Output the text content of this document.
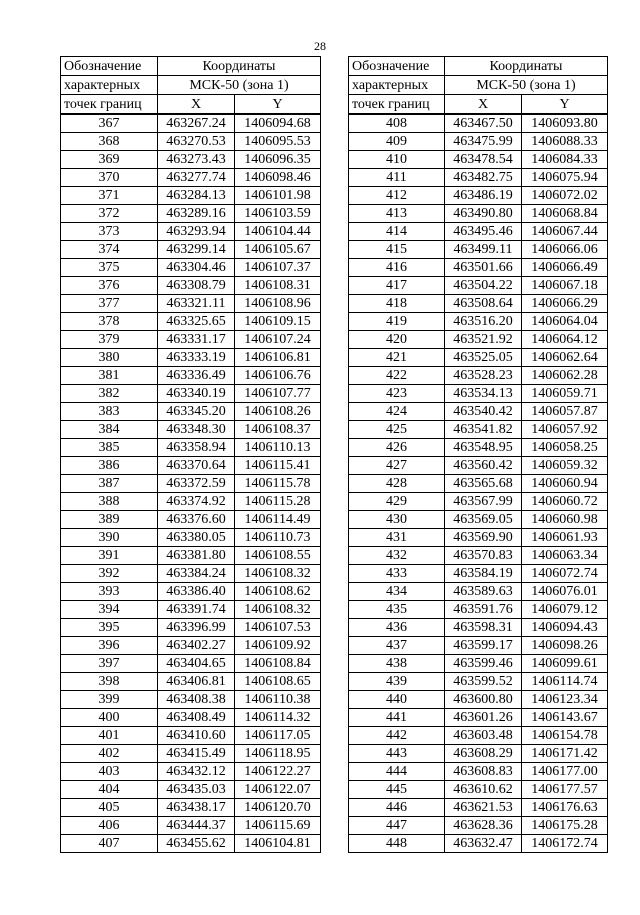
28
Обозначение	Координаты	
характерных	МСК-50 (зона 1)	
точек границ	X	Y
367	463267.24	1406094.68
368	463270.53	1406095.53
369	463273.43	1406096.35
370	463277.74	1406098.46
371	463284.13	1406101.98
372	463289.16	1406103.59
373	463293.94	1406104.44
374	463299.14	1406105.67
375	463304.46	1406107.37
376	463308.79	1406108.31
377	463321.11	1406108.96
378	463325.65	1406109.15
379	463331.17	1406107.24
380	463333.19	1406106.81
381	463336.49	1406106.76
382	463340.19	1406107.77
383	463345.20	1406108.26
384	463348.30	1406108.37
385	463358.94	1406110.13
386	463370.64	1406115.41
387	463372.59	1406115.78
388	463374.92	1406115.28
389	463376.60	1406114.49
390	463380.05	1406110.73
391	463381.80	1406108.55
392	463384.24	1406108.32
393	463386.40	1406108.62
394	463391.74	1406108.32
395	463396.99	1406107.53
396	463402.27	1406109.92
397	463404.65	1406108.84
398	463406.81	1406108.65
399	463408.38	1406110.38
400	463408.49	1406114.32
401	463410.60	1406117.05
402	463415.49	1406118.95
403	463432.12	1406122.27
404	463435.03	1406122.07
405	463438.17	1406120.70
406	463444.37	1406115.69
407	463455.62	1406104.81
Обозначение	Координаты	
характерных	МСК-50 (зона 1)	
точек границ	X	Y
408	463467.50	1406093.80
409	463475.99	1406088.33
410	463478.54	1406084.33
411	463482.75	1406075.94
412	463486.19	1406072.02
413	463490.80	1406068.84
414	463495.46	1406067.44
415	463499.11	1406066.06
416	463501.66	1406066.49
417	463504.22	1406067.18
418	463508.64	1406066.29
419	463516.20	1406064.04
420	463521.92	1406064.12
421	463525.05	1406062.64
422	463528.23	1406062.28
423	463534.13	1406059.71
424	463540.42	1406057.87
425	463541.82	1406057.92
426	463548.95	1406058.25
427	463560.42	1406059.32
428	463565.68	1406060.94
429	463567.99	1406060.72
430	463569.05	1406060.98
431	463569.90	1406061.93
432	463570.83	1406063.34
433	463584.19	1406072.74
434	463589.63	1406076.01
435	463591.76	1406079.12
436	463598.31	1406094.43
437	463599.17	1406098.26
438	463599.46	1406099.61
439	463599.52	1406114.74
440	463600.80	1406123.34
441	463601.26	1406143.67
442	463603.48	1406154.78
443	463608.29	1406171.42
444	463608.83	1406177.00
445	463610.62	1406177.57
446	463621.53	1406176.63
447	463628.36	1406175.28
448	463632.47	1406172.74
